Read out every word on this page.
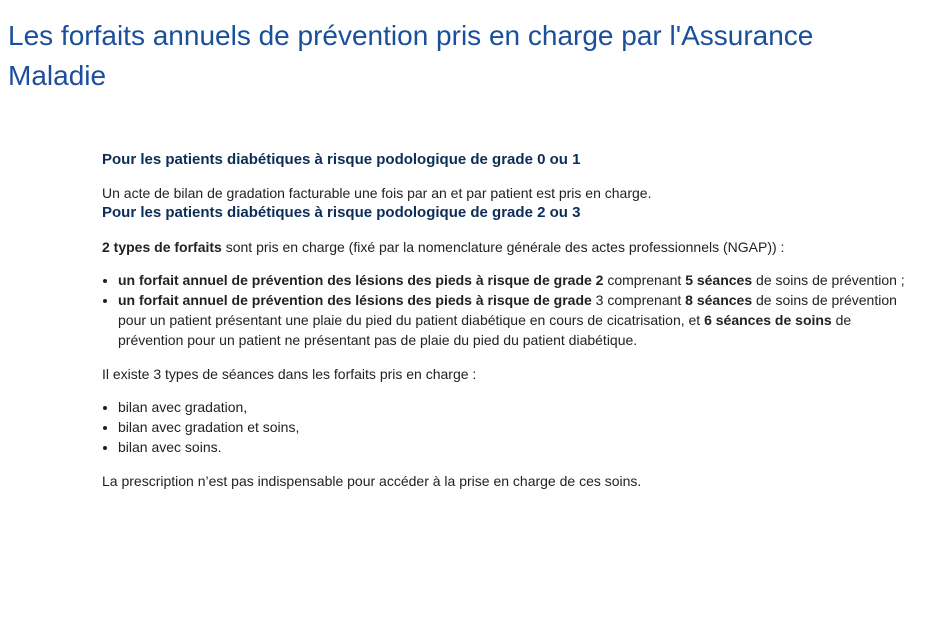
Les forfaits annuels de prévention pris en charge par l'Assurance Maladie
Pour les patients diabétiques à risque podologique de grade 0 ou 1

Un acte de bilan de gradation facturable une fois par an et par patient est pris en charge.

Pour les patients diabétiques à risque podologique de grade 2 ou 3

2 types de forfaits sont pris en charge (fixé par la nomenclature générale des actes professionnels (NGAP)) :

• un forfait annuel de prévention des lésions des pieds à risque de grade 2 comprenant 5 séances de soins de prévention ;
• un forfait annuel de prévention des lésions des pieds à risque de grade 3 comprenant 8 séances de soins de prévention pour un patient présentant une plaie du pied du patient diabétique en cours de cicatrisation, et 6 séances de soins de prévention pour un patient ne présentant pas de plaie du pied du patient diabétique.

Il existe 3 types de séances dans les forfaits pris en charge :

• bilan avec gradation,
• bilan avec gradation et soins,
• bilan avec soins.

La prescription n’est pas indispensable pour accéder à la prise en charge de ces soins.
